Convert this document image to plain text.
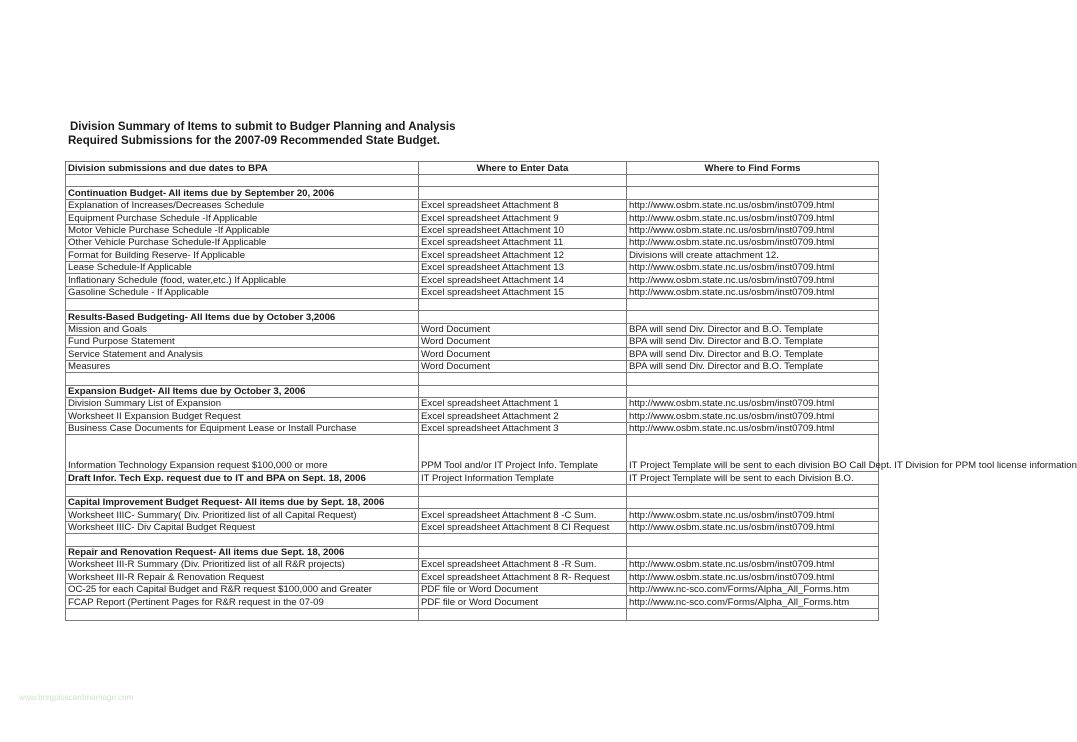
Division Summary of Items to submit to Budger Planning and Analysis
Required Submissions for the 2007-09 Recommended State Budget.
Division submissions and due dates to BPA	Where to Enter Data	Where to Find Forms

Continuation Budget- All items due by September 20, 2006		
Explanation of Increases/Decreases Schedule	Excel spreadsheet Attachment 8	http://www.osbm.state.nc.us/osbm/inst0709.html
Equipment Purchase Schedule -If Applicable	Excel spreadsheet Attachment 9	http://www.osbm.state.nc.us/osbm/inst0709.html
Motor Vehicle Purchase Schedule -If Applicable	Excel spreadsheet Attachment 10	http://www.osbm.state.nc.us/osbm/inst0709.html
Other Vehicle Purchase Schedule-If Applicable	Excel spreadsheet Attachment 11	http://www.osbm.state.nc.us/osbm/inst0709.html
Format for Building Reserve- If Applicable	Excel spreadsheet Attachment 12	Divisions will create attachment 12.
Lease Schedule-If Applicable	Excel spreadsheet Attachment 13	http://www.osbm.state.nc.us/osbm/inst0709.html
Inflationary Schedule (food, water,etc.) If Applicable	Excel spreadsheet Attachment 14	http://www.osbm.state.nc.us/osbm/inst0709.html
Gasoline Schedule - If Applicable	Excel spreadsheet Attachment 15	http://www.osbm.state.nc.us/osbm/inst0709.html

Results-Based Budgeting- All Items due by October 3,2006		
Mission and Goals	Word Document	BPA will send Div. Director and B.O. Template
Fund Purpose Statement	Word Document	BPA will send Div. Director and B.O. Template
Service Statement and Analysis	Word Document	BPA will send Div. Director and B.O. Template
Measures	Word Document	BPA will send Div. Director and B.O. Template

Expansion Budget- All Items due by October 3, 2006		
Division Summary List of Expansion	Excel spreadsheet Attachment 1	http://www.osbm.state.nc.us/osbm/inst0709.html
Worksheet II Expansion Budget Request	Excel spreadsheet Attachment 2	http://www.osbm.state.nc.us/osbm/inst0709.html
Business Case Documents for Equipment Lease or Install Purchase	Excel spreadsheet Attachment 3	http://www.osbm.state.nc.us/osbm/inst0709.html
Information Technology Expansion request $100,000 or more	PPM Tool and/or IT Project Info. Template	IT Project Template will be sent to each division BO Call Dept. IT Division for PPM tool license information
Draft Infor. Tech Exp. request due to IT and BPA on Sept. 18, 2006	IT Project Information Template	IT Project Template will be sent to each Division B.O.

Capital Improvement Budget Request- All items due by Sept. 18, 2006		
Worksheet IIIC- Summary( Div. Prioritized list of all Capital Request)	Excel spreadsheet Attachment 8 -C Sum.	http://www.osbm.state.nc.us/osbm/inst0709.html
Worksheet IIIC- Div Capital Budget Request	Excel spreadsheet Attachment 8 CI Request	http://www.osbm.state.nc.us/osbm/inst0709.html

Repair and Renovation Request- All items due Sept. 18, 2006		
Worksheet III-R Summary (Div. Prioritized list of all R&R projects)	Excel spreadsheet Attachment 8 -R Sum.	http://www.osbm.state.nc.us/osbm/inst0709.html
Worksheet III-R Repair & Renovation Request	Excel spreadsheet Attachment 8 R- Request	http://www.osbm.state.nc.us/osbm/inst0709.html
OC-25 for each Capital Budget and R&R request $100,000 and Greater	PDF file or Word Document	http://www.nc-sco.com/Forms/Alpha_All_Forms.htm
FCAP Report (Pertinent Pages for R&R request in the 07-09	PDF file or Word Document	http://www.nc-sco.com/Forms/Alpha_All_Forms.htm

www.bnrgpluscardmarriage.com
